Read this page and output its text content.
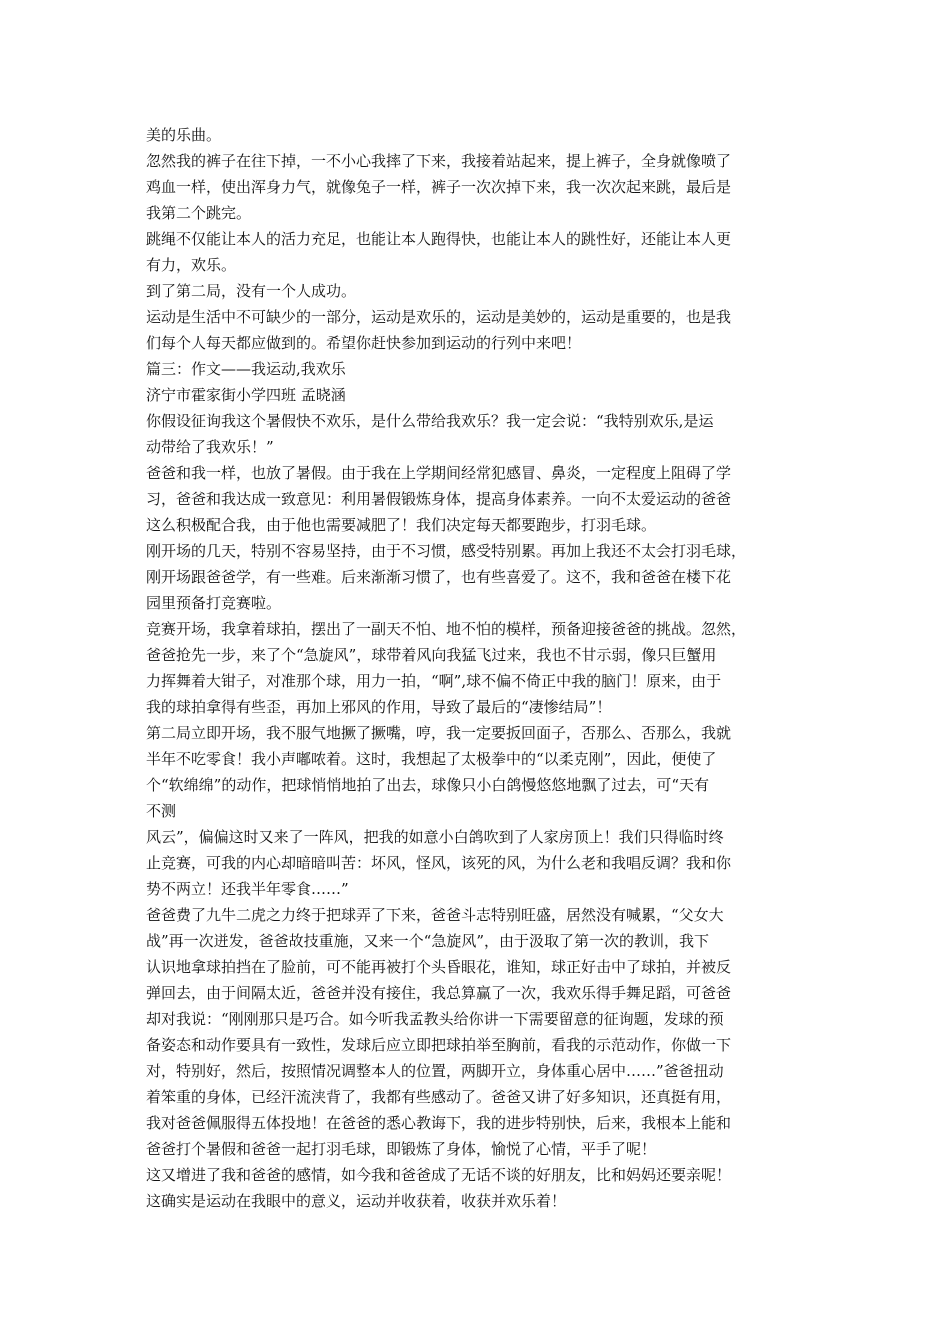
美的乐曲。
忽然我的裤子在往下掉，一不小心我摔了下来，我接着站起来，提上裤子，全身就像喷了
鸡血一样，使出浑身力气，就像兔子一样，裤子一次次掉下来，我一次次起来跳，最后是
我第二个跳完。
跳绳不仅能让本人的活力充足，也能让本人跑得快，也能让本人的跳性好，还能让本人更
有力，欢乐。
到了第二局，没有一个人成功。
运动是生活中不可缺少的一部分，运动是欢乐的，运动是美妙的，运动是重要的，也是我
们每个人每天都应做到的。希望你赶快参加到运动的行列中来吧！
篇三：作文——我运动,我欢乐
济宁市霍家街小学四班 孟晓涵
你假设征询我这个暑假快不欢乐，是什么带给我欢乐？我一定会说：“我特别欢乐,是运
动带给了我欢乐！”
爸爸和我一样，也放了暑假。由于我在上学期间经常犯感冒、鼻炎，一定程度上阻碍了学
习，爸爸和我达成一致意见：利用暑假锻炼身体，提高身体素养。一向不太爱运动的爸爸
这么积极配合我，由于他也需要减肥了！我们决定每天都要跑步，打羽毛球。
刚开场的几天，特别不容易坚持，由于不习惯，感受特别累。再加上我还不太会打羽毛球，
刚开场跟爸爸学，有一些难。后来渐渐习惯了，也有些喜爱了。这不，我和爸爸在楼下花
园里预备打竞赛啦。
竞赛开场，我拿着球拍，摆出了一副天不怕、地不怕的模样，预备迎接爸爸的挑战。忽然，
爸爸抢先一步，来了个“急旋风”，球带着风向我猛飞过来，我也不甘示弱，像只巨蟹用
力挥舞着大钳子，对准那个球，用力一拍，“啊”,球不偏不倚正中我的脑门！原来，由于
我的球拍拿得有些歪，再加上邪风的作用，导致了最后的“凄惨结局”！
第二局立即开场，我不服气地撅了撅嘴，哼，我一定要扳回面子，否那么、否那么，我就
半年不吃零食！我小声嘟哝着。这时，我想起了太极拳中的“以柔克刚”，因此，便使了
个“软绵绵”的动作，把球悄悄地拍了出去，球像只小白鸽慢悠悠地飘了过去，可“天有
不测
风云”，偏偏这时又来了一阵风，把我的如意小白鸽吹到了人家房顶上！我们只得临时终
止竞赛，可我的内心却暗暗叫苦：坏风，怪风，该死的风，为什么老和我唱反调？我和你
势不两立！还我半年零食……”
爸爸费了九牛二虎之力终于把球弄了下来，爸爸斗志特别旺盛，居然没有喊累，“父女大
战”再一次迸发，爸爸故技重施，又来一个“急旋风”，由于汲取了第一次的教训，我下
认识地拿球拍挡在了脸前，可不能再被打个头昏眼花，谁知，球正好击中了球拍，并被反
弹回去，由于间隔太近，爸爸并没有接住，我总算赢了一次，我欢乐得手舞足蹈，可爸爸
却对我说：“刚刚那只是巧合。如今听我孟教头给你讲一下需要留意的征询题，发球的预
备姿态和动作要具有一致性，发球后应立即把球拍举至胸前，看我的示范动作，你做一下
对，特别好，然后，按照情况调整本人的位置，两脚开立，身体重心居中……”爸爸扭动
着笨重的身体，已经汗流浃背了，我都有些感动了。爸爸又讲了好多知识，还真挺有用，
我对爸爸佩服得五体投地！在爸爸的悉心教诲下，我的进步特别快，后来，我根本上能和
爸爸打个暑假和爸爸一起打羽毛球，即锻炼了身体，愉悦了心情，平手了呢！
这又增进了我和爸爸的感情，如今我和爸爸成了无话不谈的好朋友，比和妈妈还要亲呢！
这确实是运动在我眼中的意义，运动并收获着，收获并欢乐着！
